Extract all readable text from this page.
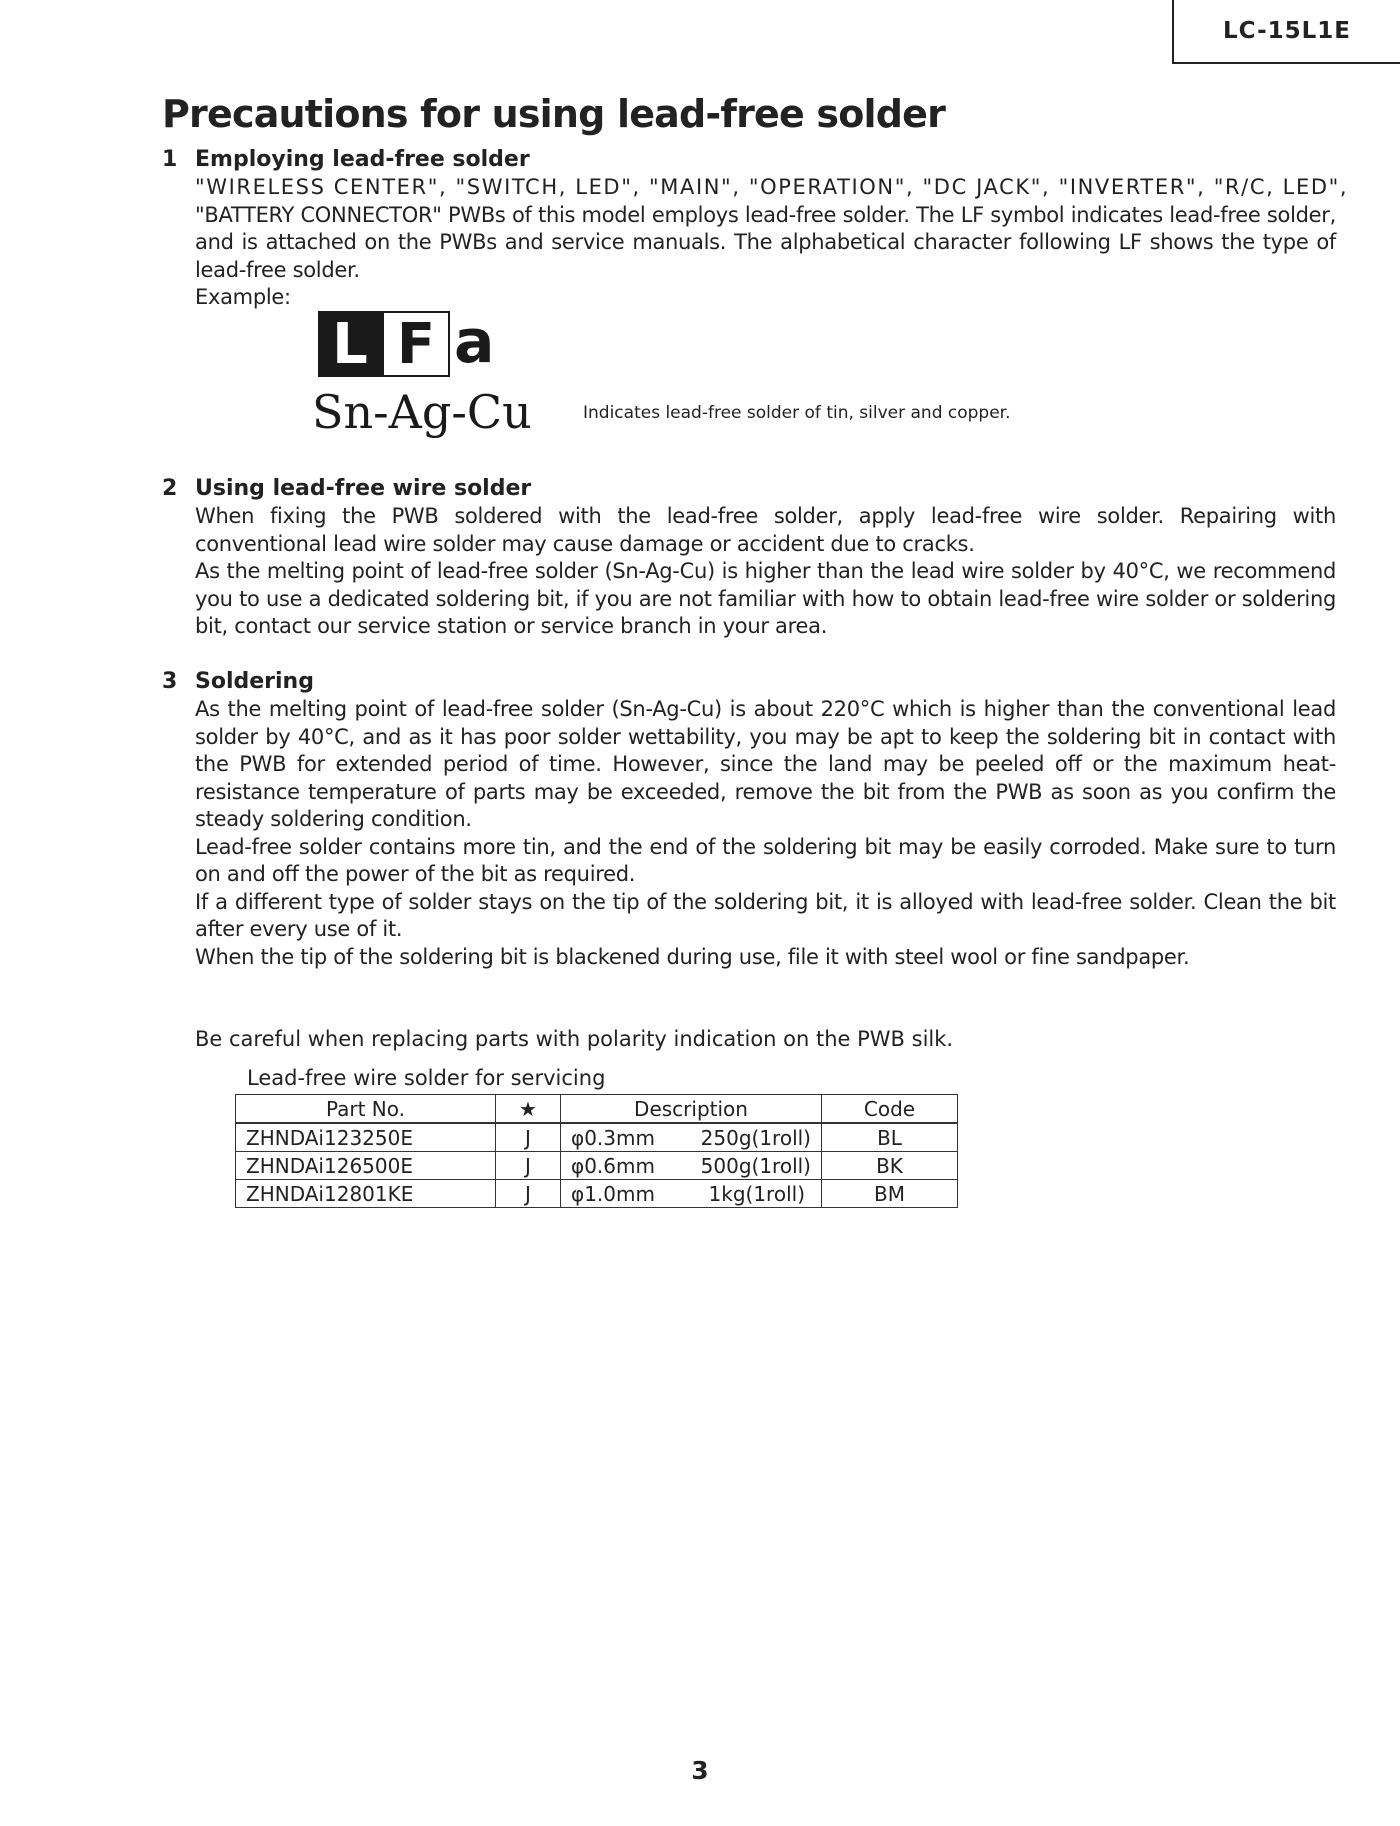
LC-15L1E
Precautions for using lead-free solder
1 Employing lead-free solder

"WIRELESS CENTER", "SWITCH, LED", "MAIN", "OPERATION", "DC JACK", "INVERTER", "R/C, LED",

"BATTERY CONNECTOR" PWBs of this model employs lead-free solder. The LF symbol indicates lead-free solder, and is attached on the PWBs and service manuals. The alphabetical character following LF shows the type of lead-free solder.

Example:

L F a
Sn-Ag-Cu	Indicates lead-free solder of tin, silver and copper.
2 Using lead-free wire solder

When fixing the PWB soldered with the lead-free solder, apply lead-free wire solder. Repairing with conventional lead wire solder may cause damage or accident due to cracks.

As the melting point of lead-free solder (Sn-Ag-Cu) is higher than the lead wire solder by 40°C, we recommend you to use a dedicated soldering bit, if you are not familiar with how to obtain lead-free wire solder or soldering bit, contact our service station or service branch in your area.

3 Soldering

As the melting point of lead-free solder (Sn-Ag-Cu) is about 220°C which is higher than the conventional lead solder by 40°C, and as it has poor solder wettability, you may be apt to keep the soldering bit in contact with the PWB for extended period of time. However, since the land may be peeled off or the maximum heat-resistance temperature of parts may be exceeded, remove the bit from the PWB as soon as you confirm the steady soldering condition.

Lead-free solder contains more tin, and the end of the soldering bit may be easily corroded. Make sure to turn on and off the power of the bit as required.

If a different type of solder stays on the tip of the soldering bit, it is alloyed with lead-free solder. Clean the bit after every use of it.

When the tip of the soldering bit is blackened during use, file it with steel wool or fine sandpaper.

Be careful when replacing parts with polarity indication on the PWB silk.
Lead-free wire solder for servicing
Part No.	★	Description	Code
ZHNDAi123250E	J	φ0.3mm 250g(1roll)	BL
ZHNDAi126500E	J	φ0.6mm 500g(1roll)	BK
ZHNDAi12801KE	J	φ1.0mm 1kg(1roll)	BM
3
